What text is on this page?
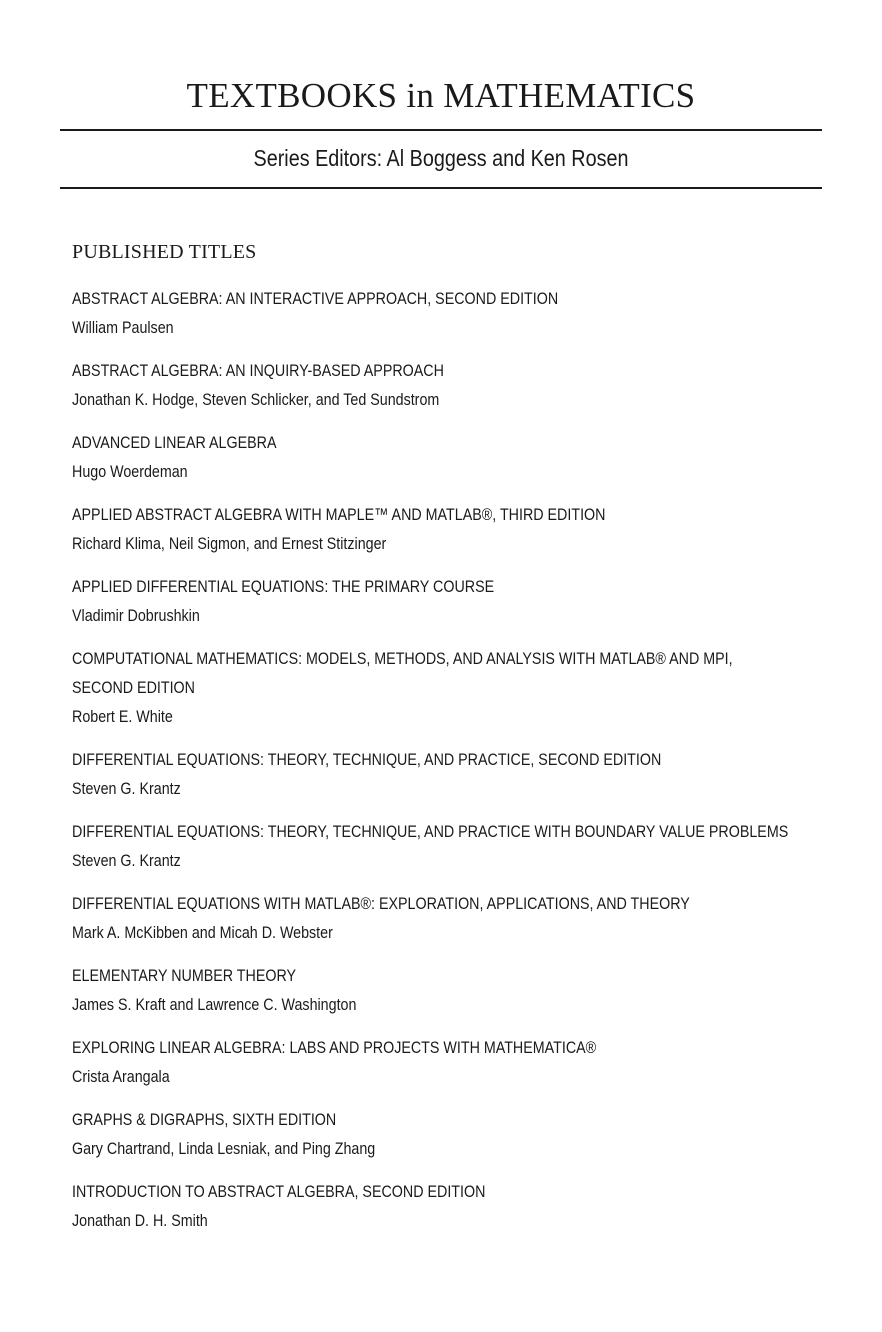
TEXTBOOKS in MATHEMATICS
Series Editors: Al Boggess and Ken Rosen
PUBLISHED TITLES
ABSTRACT ALGEBRA: AN INTERACTIVE APPROACH, SECOND EDITION
William Paulsen
ABSTRACT ALGEBRA: AN INQUIRY-BASED APPROACH
Jonathan K. Hodge, Steven Schlicker, and Ted Sundstrom
ADVANCED LINEAR ALGEBRA
Hugo Woerdeman
APPLIED ABSTRACT ALGEBRA WITH MAPLE™ AND MATLAB®, THIRD EDITION
Richard Klima, Neil Sigmon, and Ernest Stitzinger
APPLIED DIFFERENTIAL EQUATIONS: THE PRIMARY COURSE
Vladimir Dobrushkin
COMPUTATIONAL MATHEMATICS: MODELS, METHODS, AND ANALYSIS WITH MATLAB® AND MPI,
SECOND EDITION
Robert E. White
DIFFERENTIAL EQUATIONS: THEORY, TECHNIQUE, AND PRACTICE, SECOND EDITION
Steven G. Krantz
DIFFERENTIAL EQUATIONS: THEORY, TECHNIQUE, AND PRACTICE WITH BOUNDARY VALUE PROBLEMS
Steven G. Krantz
DIFFERENTIAL EQUATIONS WITH MATLAB®: EXPLORATION, APPLICATIONS, AND THEORY
Mark A. McKibben and Micah D. Webster
ELEMENTARY NUMBER THEORY
James S. Kraft and Lawrence C. Washington
EXPLORING LINEAR ALGEBRA: LABS AND PROJECTS WITH MATHEMATICA®
Crista Arangala
GRAPHS & DIGRAPHS, SIXTH EDITION
Gary Chartrand, Linda Lesniak, and Ping Zhang
INTRODUCTION TO ABSTRACT ALGEBRA, SECOND EDITION
Jonathan D. H. Smith
